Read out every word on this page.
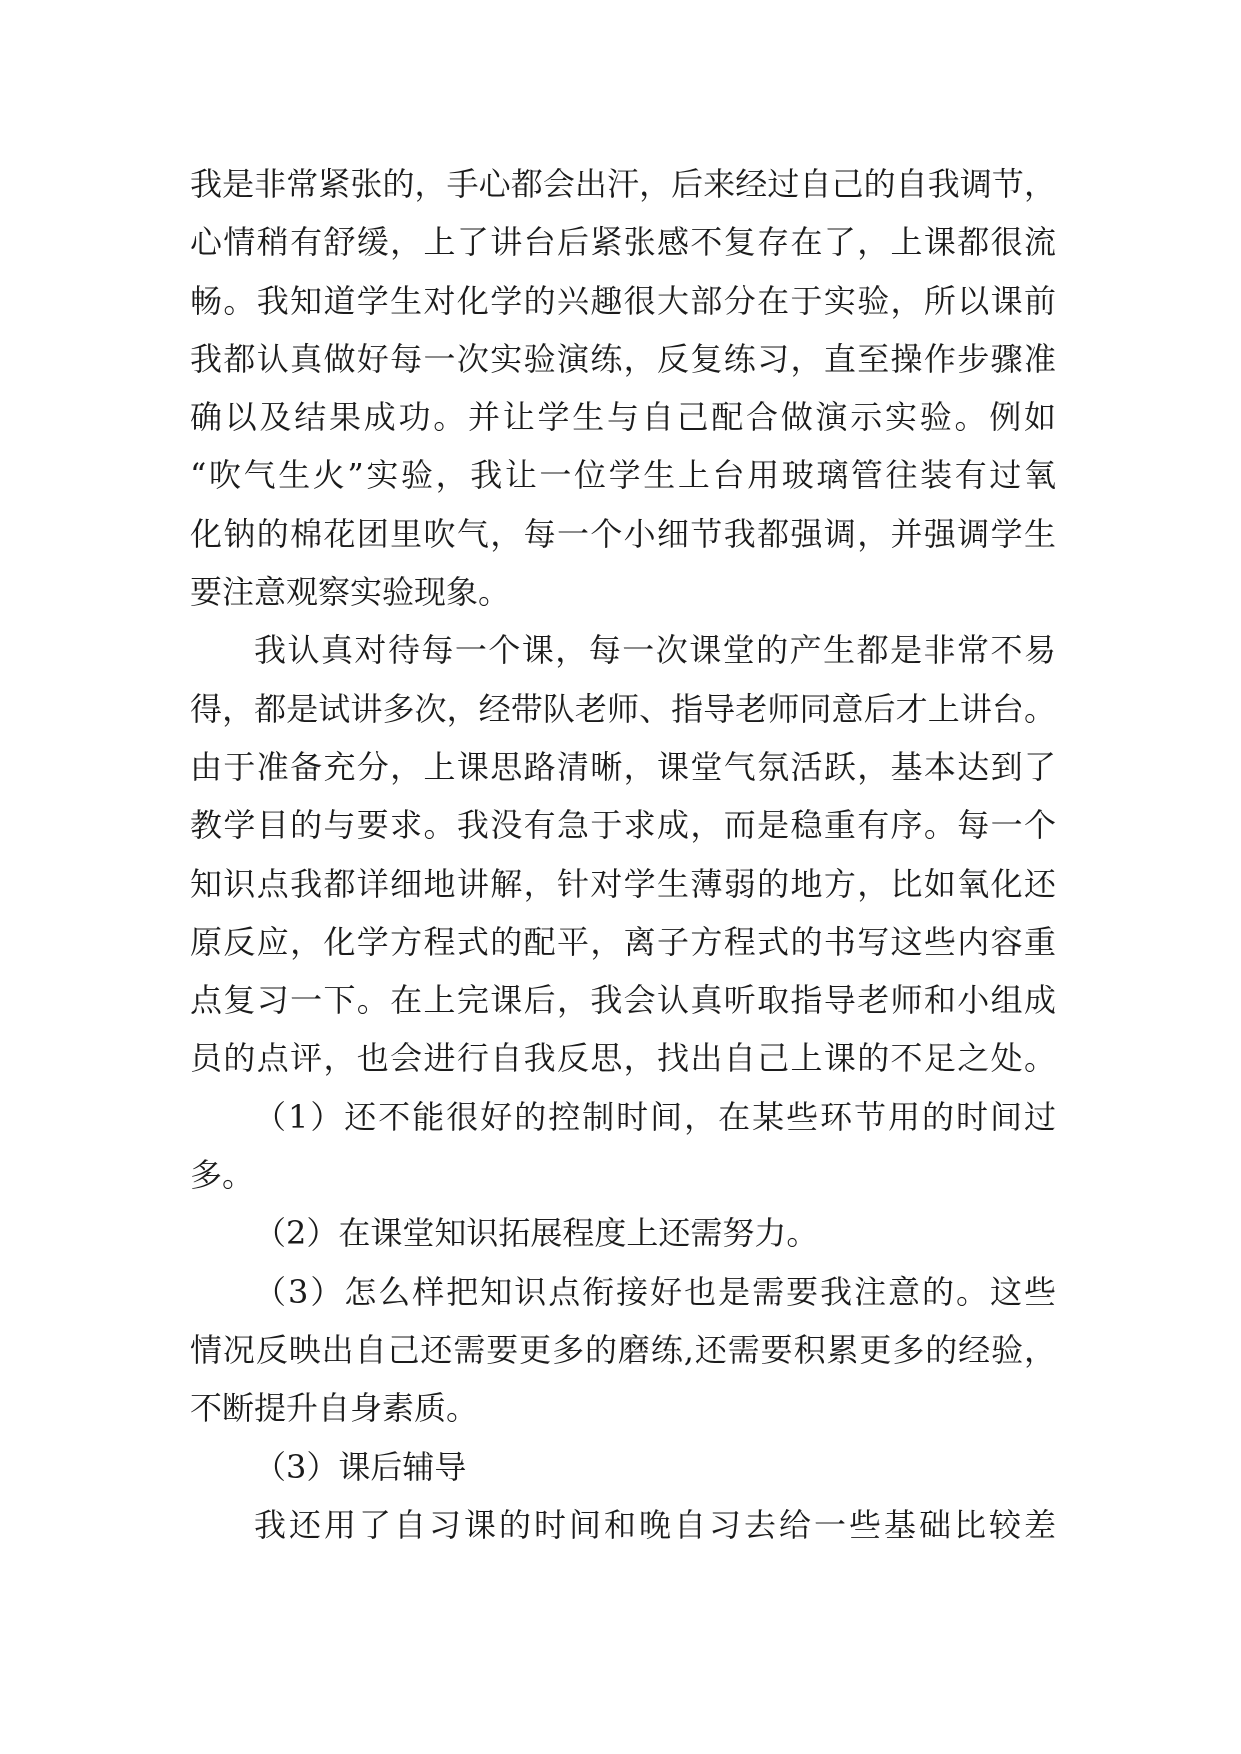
我是非常紧张的，手心都会出汗，后来经过自己的自我调节，
心情稍有舒缓，上了讲台后紧张感不复存在了，上课都很流
畅。我知道学生对化学的兴趣很大部分在于实验，所以课前
我都认真做好每一次实验演练，反复练习，直至操作步骤准
确以及结果成功。并让学生与自己配合做演示实验。例如
“吹气生火”实验，我让一位学生上台用玻璃管往装有过氧
化钠的棉花团里吹气，每一个小细节我都强调，并强调学生
要注意观察实验现象。
我认真对待每一个课，每一次课堂的产生都是非常不易
得，都是试讲多次，经带队老师、指导老师同意后才上讲台。
由于准备充分，上课思路清晰，课堂气氛活跃，基本达到了
教学目的与要求。我没有急于求成，而是稳重有序。每一个
知识点我都详细地讲解，针对学生薄弱的地方，比如氧化还
原反应，化学方程式的配平，离子方程式的书写这些内容重
点复习一下。在上完课后，我会认真听取指导老师和小组成
员的点评，也会进行自我反思，找出自己上课的不足之处。
（1）还不能很好的控制时间，在某些环节用的时间过
多。
（2）在课堂知识拓展程度上还需努力。
（3）怎么样把知识点衔接好也是需要我注意的。这些
情况反映出自己还需要更多的磨练,还需要积累更多的经验，
不断提升自身素质。
（3）课后辅导
我还用了自习课的时间和晚自习去给一些基础比较差
